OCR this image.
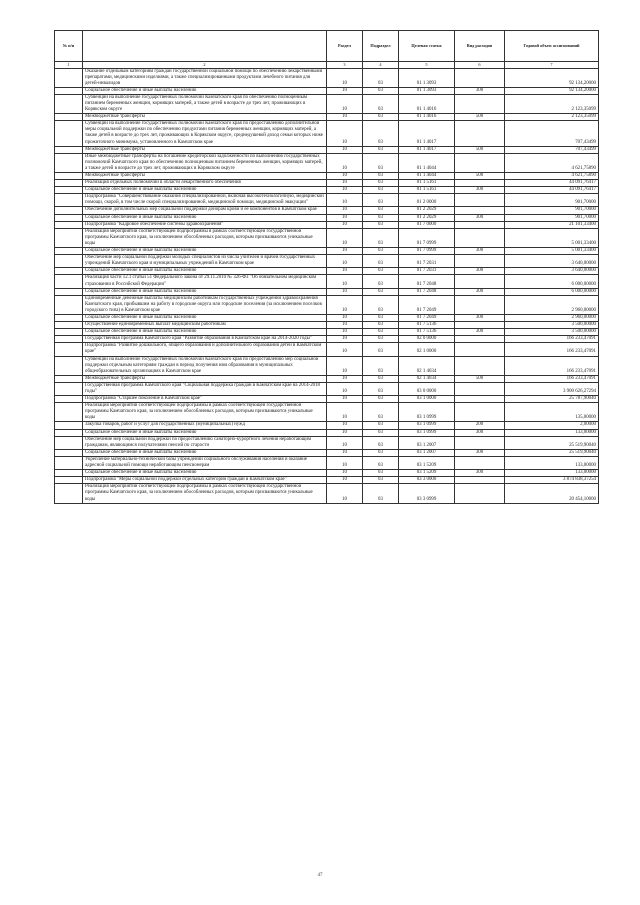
№ п/п		Раздел	Подраздел	Целевая статья	Вид расходов	Годовой объем ассигнований
1	2	3	4	5	6	7
	Оказание отдельным категориям граждан государственной социальной помощи по обеспечению лекарственными препаратами, медицинскими изделиями, а также специализированными продуктами лечебного питания для детей-инвалидов	10	03	01 1 3093		92 134,20000
	Социальное обеспечение и иные выплаты населению	10	03	01 1 3093	300	92 134,20000
	Субвенции на выполнение государственных полномочий Камчатского края по обеспечению полноценным питанием беременных женщин, кормящих матерей, а также детей в возрасте до трех лет, проживающих в Корякском округе	10	03	01 1 4016		2 123,35099
	Межбюджетные трансферты	10	03	01 1 4016	500	2 123,35099
	Субвенции на выполнение государственных полномочий Камчатского края по предоставлению дополнительной меры социальной поддержки по обеспечению продуктами питания беременных женщин, кормящих матерей, а также детей в возрасте до трех лет, проживающих в Корякском округе, среднедушевой доход семьи которых ниже прожиточного минимума, установленного в Камчатском крае	10	03	01 1 4017		707,43499
	Межбюджетные трансферты	10	03	01 1 4017	500	707,43499
	Иные межбюджетные трансферты на погашение кредиторской задолженности по выполнению государственных полномочий Камчатского края по обеспечению полноценным питанием беременных женщин, кормящих матерей, а также детей в возрасте до трех лет, проживающих в Корякском округе	10	03	01 1 4044		4 621,75890
	Межбюджетные трансферты	10	03	01 1 4044	500	4 621,75890
	Реализация отдельных полномочий в области лекарственного обеспечения	10	03	01 1 5161		44 091,76417
	Социальное обеспечение и иные выплаты населению	10	03	01 1 5161	300	44 091,76417
	Подпрограмма "Совершенствование оказания специализированной, включая высокотехнологичную, медицинской помощи, скорой, в том числе скорой специализированной, медицинской помощи, медицинской эвакуации"	10	03	01 2 0000		901,70000
	Обеспечение дополнительных мер социальной поддержки донорам крови и ее компонентов в Камчатском крае	10	03	01 2 2029		901,70000
	Социальное обеспечение и иные выплаты населению	10	03	01 2 2029	300	901,70000
	Подпрограмма "Кадровое обеспечение системы здравоохранения"	10	03	01 7 0000		21 101,33400
	Реализация мероприятий соответствующей подпрограммы в рамках соответствующей государственной программы Камчатского края, за исключением обособленных расходов, которым присваиваются уникальные коды	10	03	01 7 0999		5 001,33400
	Социальное обеспечение и иные выплаты населению	10	03	01 7 0999	300	5 001,33400
	Обеспечение мер социальной поддержки молодых специалистов из числа учителей и врачей государственных учреждений Камчатского края и муниципальных учреждений в Камчатском крае	10	03	01 7 2031		3 640,00000
	Социальное обеспечение и иные выплаты населению	10	03	01 7 2031	300	3 640,00000
	Реализация части 12.1 статьи 51 Федерального закона от 29.11.2010 № 326-ФЗ "Об обязательном медицинском страховании в Российской Федерации"	10	03	01 7 2048		6 000,00000
	Социальное обеспечение и иные выплаты населению	10	03	01 7 2048	300	6 000,00000
	Единовременные денежные выплаты медицинским работникам государственных учреждений здравоохранения Камчатского края, прибывшим на работу в городские округа или городские поселения (за исключением поселков городского типа) в Камчатском крае	10	03	01 7 2049		2 960,00000
	Социальное обеспечение и иные выплаты населению	10	03	01 7 2049	300	2 960,00000
	Осуществление единовременных выплат медицинским работникам	10	03	01 7 5136		3 500,00000
	Социальное обеспечение и иные выплаты населению	10	03	01 7 5136	300	3 500,00000
	Государственная программа Камчатского края "Развитие образования в Камчатском крае на 2014-2020 годы"	10	03	02 0 0000		166 233,47091
	Подпрограмма "Развитие дошкольного, общего образования и дополнительного образования детей в Камчатском крае"	10	03	02 1 0000		166 233,47091
	Субвенции на выполнение государственных полномочий Камчатского края по предоставлению мер социальной поддержки отдельным категориям граждан в период получения ими образования в муниципальных общеобразовательных организациях в Камчатском крае	10	03	02 1 4034		166 233,47091
	Межбюджетные трансферты	10	03	02 1 4034	500	166 233,47091
	Государственная программа Камчатского края "Социальная поддержка граждан в Камчатском крае на 2014-2018 годы"	10	03	03 0 0000		3 900 626,27294
	Подпрограмма "Старшее поколение в Камчатском крае"	10	03	03 1 0000		25 787,90040
	Реализация мероприятий соответствующей подпрограммы в рамках соответствующей государственной программы Камчатского края, за исключением обособленных расходов, которым присваиваются уникальные коды	10	03	03 1 0999		135,00000
	Закупка товаров, работ и услуг для государственных (муниципальных) нужд	10	03	03 1 0999	200	2,00000
	Социальное обеспечение и иные выплаты населению	10	03	03 1 0999	300	133,00000
	Обеспечение мер социальной поддержки по предоставлению санаторно-курортного лечения неработающим гражданам, являющимся получателями пенсий по старости	10	03	03 1 2007		25 519,90040
	Социальное обеспечение и иные выплаты населению	10	03	03 1 2007	300	25 519,90040
	Укрепление материально-технической базы учреждений социального обслуживания населения и оказание адресной социальной помощи неработающим пенсионерам	10	03	03 1 5209		133,00000
	Социальное обеспечение и иные выплаты населению	10	03	03 1 5209	300	133,00000
	Подпрограмма "Меры социальной поддержки отдельных категорий граждан в Камчатском крае"	10	03	03 3 0000		3 874 838,37254
	Реализация мероприятий соответствующей подпрограммы в рамках соответствующей государственной программы Камчатского края, за исключением обособленных расходов, которым присваиваются уникальные коды	10	03	03 3 0999		20 454,10000
47
